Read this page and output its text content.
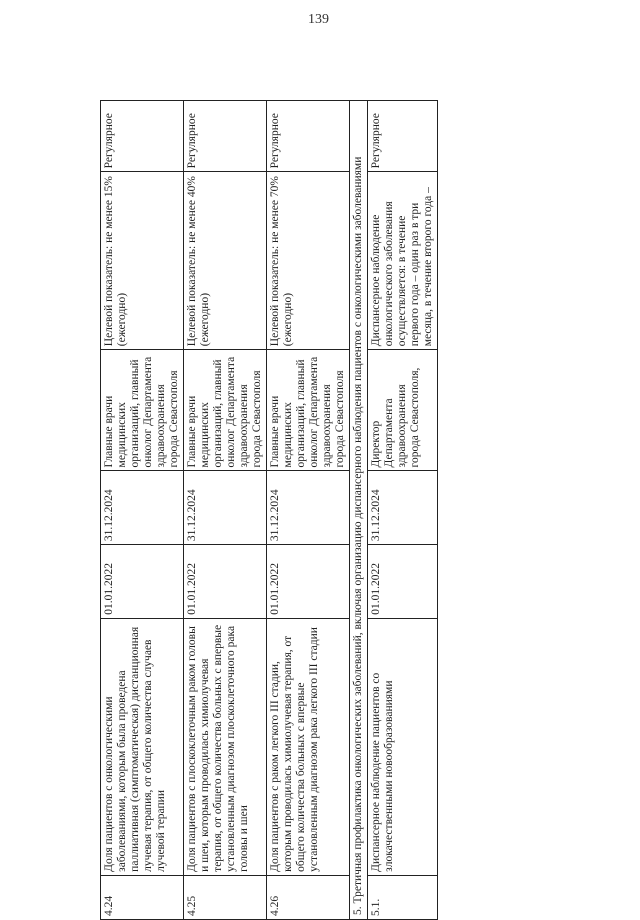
139
4.24	Доля пациентов с онкологическими заболеваниями, которым была проведена паллиативная (симптоматическая) дистанционная лучевая терапия, от общего количества случаев лучевой терапии	01.01.2022	31.12.2024	Главные врачи медицинских организаций, главный онколог Департамента здравоохранения города Севастополя	Целевой показатель: не менее 15% (ежегодно)	Регулярное
4.25	Доля пациентов с плоскоклеточным раком головы и шеи, которым проводилась химиолучевая терапия, от общего количества больных с впервые установленным диагнозом плоскоклеточного рака головы и шеи	01.01.2022	31.12.2024	Главные врачи медицинских организаций, главный онколог Департамента здравоохранения города Севастополя	Целевой показатель: не менее 40% (ежегодно)	Регулярное
4.26	Доля пациентов с раком легкого III стадии, которым проводилась химиолучевая терапия, от общего количества больных с впервые установленным диагнозом рака легкого III стадии	01.01.2022	31.12.2024	Главные врачи медицинских организаций, главный онколог Департамента здравоохранения города Севастополя	Целевой показатель: не менее 70% (ежегодно)	Регулярное
5. Третичная профилактика онкологических заболеваний, включая организацию диспансерного наблюдения пациентов с онкологическими заболеваниями						
5.1.	Диспансерное наблюдение пациентов со злокачественными новообразованиями	01.01.2022	31.12.2024	Директор Департамента здравоохранения города Севастополя,	Диспансерное наблюдение онкологического заболевания осуществляется: в течение первого года – один раз в три месяца, в течение второго года –	Регулярное
